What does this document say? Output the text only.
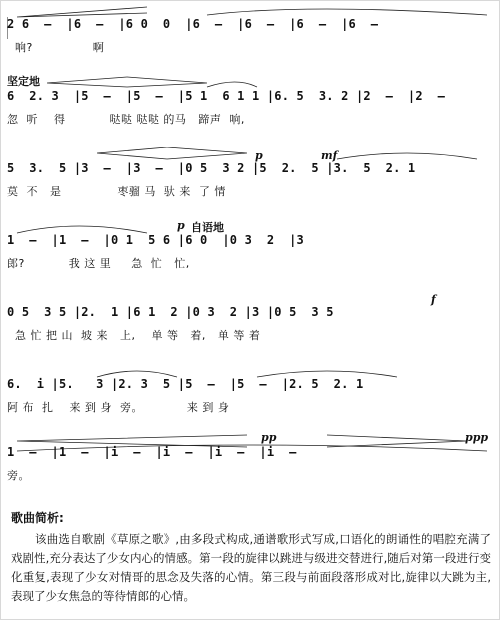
2 6  –  |6  –  |6 0  0  |6  –  |6  –  |6  –  |6  –
响?               啊
坚定地
6  2. 3  |5  –  |5  –  |5 1  6 1 1 |6. 5  3. 2 |2  –  |2  –
忽  听    得           哒哒 哒哒 的马   蹄声  响,
p	mf
5  3.  5 |3  –  |3  –  |0 5  3 2 |5  2.  5 |3.  5  2. 1
莫  不   是              枣骝 马  驮 来  了 情
p 自语地
1  –  |1  –  |0 1  5 6 |6 0  |0 3  2  |3
郎?           我 这 里     急  忙   忙,
f
0 5  3 5 |2.  1 |6 1  2 |0 3  2 |3 |0 5  3 5
急 忙 把 山  坡 来   上,    单 等   着,   单 等 着
6.  i |5.   3 |2. 3  5 |5  –  |5  –  |2. 5  2. 1
阿 布  扎    来 到 身  旁。           来 到 身
pp	ppp
1  –  |1  –  |i  –  |i  –  |i  –  |i  –
旁。
歌曲简析:
该曲选自歌剧《草原之歌》,由多段式构成,通谱歌形式写成,口语化的朗诵性的唱腔充满了戏剧性,充分表达了少女内心的情感。第一段的旋律以跳进与级进交替进行,随后对第一段进行变化重复,表现了少女对情哥的思念及失落的心情。第三段与前面段落形成对比,旋律以大跳为主,表现了少女焦急的等待情郎的心情。
